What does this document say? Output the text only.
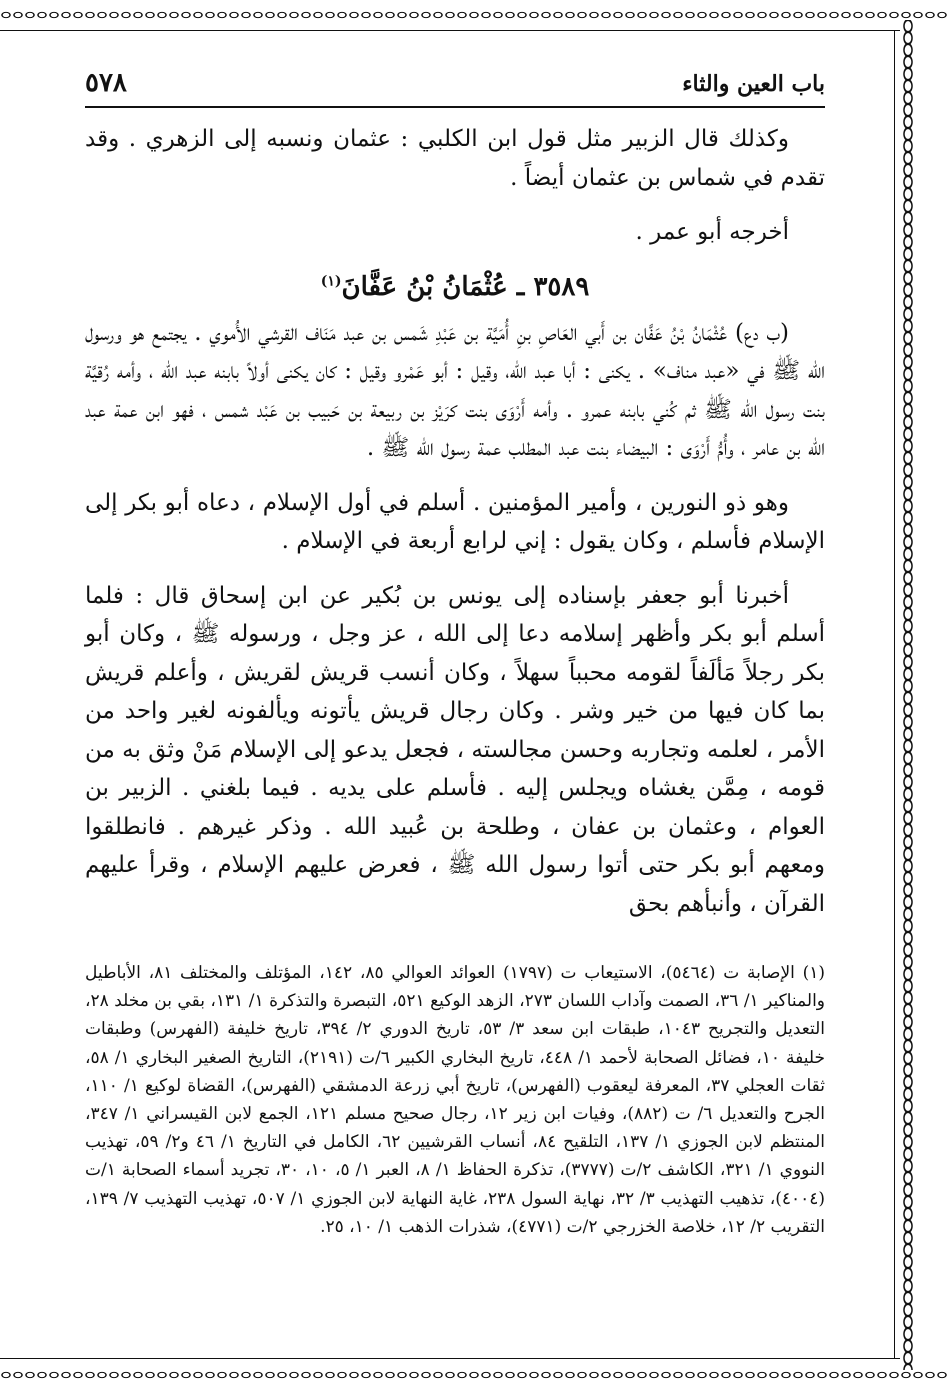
باب العين والثاء
٥٧٨

وكذلك قال الزبير مثل قول ابن الكلبي : عثمان ونسبه إلى الزهري . وقد تقدم في شماس بن عثمان أيضاً .

أخرجه أبو عمر .

٣٥٨٩ ـ عُثْمَانُ بْنُ عَفَّانَ$^{(١)}$

(ب دع) عُثْمَانُ بْنُ عَفَّان بن أَبي العَاصِ بنِ أُمَيَّة بن عَبْدِ شَمس بن عبد مَنَاف القرشي الأُموي . يجتمع هو ورسول الله ﷺ في «عبد مناف» . يكنى : أبا عبد الله، وقيل : أبو عَمْرو وقيل : كان يكنى أولاً بابنه عبد الله ، وأمه رُقيَّة بنت رسول الله ﷺ ثم كُني بابنه عمرو . وأمه أَرْوَى بنت كرَيْز بن ربيعة بن حَبيب بن عَبْد شمس ، فهو ابن عمة عبد الله بن عامر ، وأُمُّ أَرْوَى : البيضاء بنت عبد المطلب عمة رسول الله ﷺ .

وهو ذو النورين ، وأمير المؤمنين . أسلم في أول الإسلام ، دعاه أبو بكر إلى الإسلام فأسلم ، وكان يقول : إني لرابع أربعة في الإسلام .

أخبرنا أبو جعفر بإسناده إلى يونس بن بُكير عن ابن إسحاق قال : فلما أسلم أبو بكر وأظهر إسلامه دعا إلى الله ، عز وجل ، ورسوله ﷺ ، وكان أبو بكر رجلاً مَألَفاً لقومه محبباً سهلاً ، وكان أنسب قريش لقريش ، وأعلم قريش بما كان فيها من خير وشر . وكان رجال قريش يأتونه ويألفونه لغير واحد من الأمر ، لعلمه وتجاربه وحسن مجالسته ، فجعل يدعو إلى الإسلام مَنْ وثق به من قومه ، مِمَّن يغشاه ويجلس إليه . فأسلم على يديه . فيما بلغني . الزبير بن العوام ، وعثمان بن عفان ، وطلحة بن عُبيد الله . وذكر غيرهم . فانطلقوا ومعهم أبو بكر حتى أتوا رسول الله ﷺ ، فعرض عليهم الإسلام ، وقرأ عليهم القرآن ، وأنبأهم بحق

(١) الإصابة ت (٥٤٦٤)، الاستيعاب ت (١٧٩٧) العوائد العوالي ٨٥، ١٤٢، المؤتلف والمختلف ٨١، الأباطيل والمناكير ١/ ٣٦، الصمت وآداب اللسان ٢٧٣، الزهد الوكيع ٥٢١، التبصرة والتذكرة ١/ ١٣١، بقي بن مخلد ٢٨، التعديل والتجريح ١٠٤٣، طبقات ابن سعد ٣/ ٥٣، تاريخ الدوري ٢/ ٣٩٤، تاريخ خليفة (الفهرس) وطبقات خليفة ١٠، فضائل الصحابة لأحمد ١/ ٤٤٨، تاريخ البخاري الكبير ٦/ت (٢١٩١)، التاريخ الصغير البخاري ١/ ٥٨، ثقات العجلي ٣٧، المعرفة ليعقوب (الفهرس)، تاريخ أبي زرعة الدمشقي (الفهرس)، القضاة لوكيع ١/ ١١٠، الجرح والتعديل ٦/ ت (٨٨٢)، وفيات ابن زير ١٢، رجال صحيح مسلم ١٢١، الجمع لابن القيسراني ١/ ٣٤٧، المنتظم لابن الجوزي ١/ ١٣٧، التلقيح ٨٤، أنساب القرشيين ٦٢، الكامل في التاريخ ١/ ٤٦ و٢/ ٥٩، تهذيب النووي ١/ ٣٢١، الكاشف ٢/ت (٣٧٧٧)، تذكرة الحفاظ ١/ ٨، العبر ١/ ٥، ١٠، ٣٠، تجريد أسماء الصحابة ١/ت (٤٠٠٤)، تذهيب التهذيب ٣/ ٣٢، نهاية السول ٢٣٨، غاية النهاية لابن الجوزي ١/ ٥٠٧، تهذيب التهذيب ٧/ ١٣٩، التقريب ٢/ ١٢، خلاصة الخزرجي ٢/ت (٤٧٧١)، شذرات الذهب ١/ ١٠، ٢٥.
